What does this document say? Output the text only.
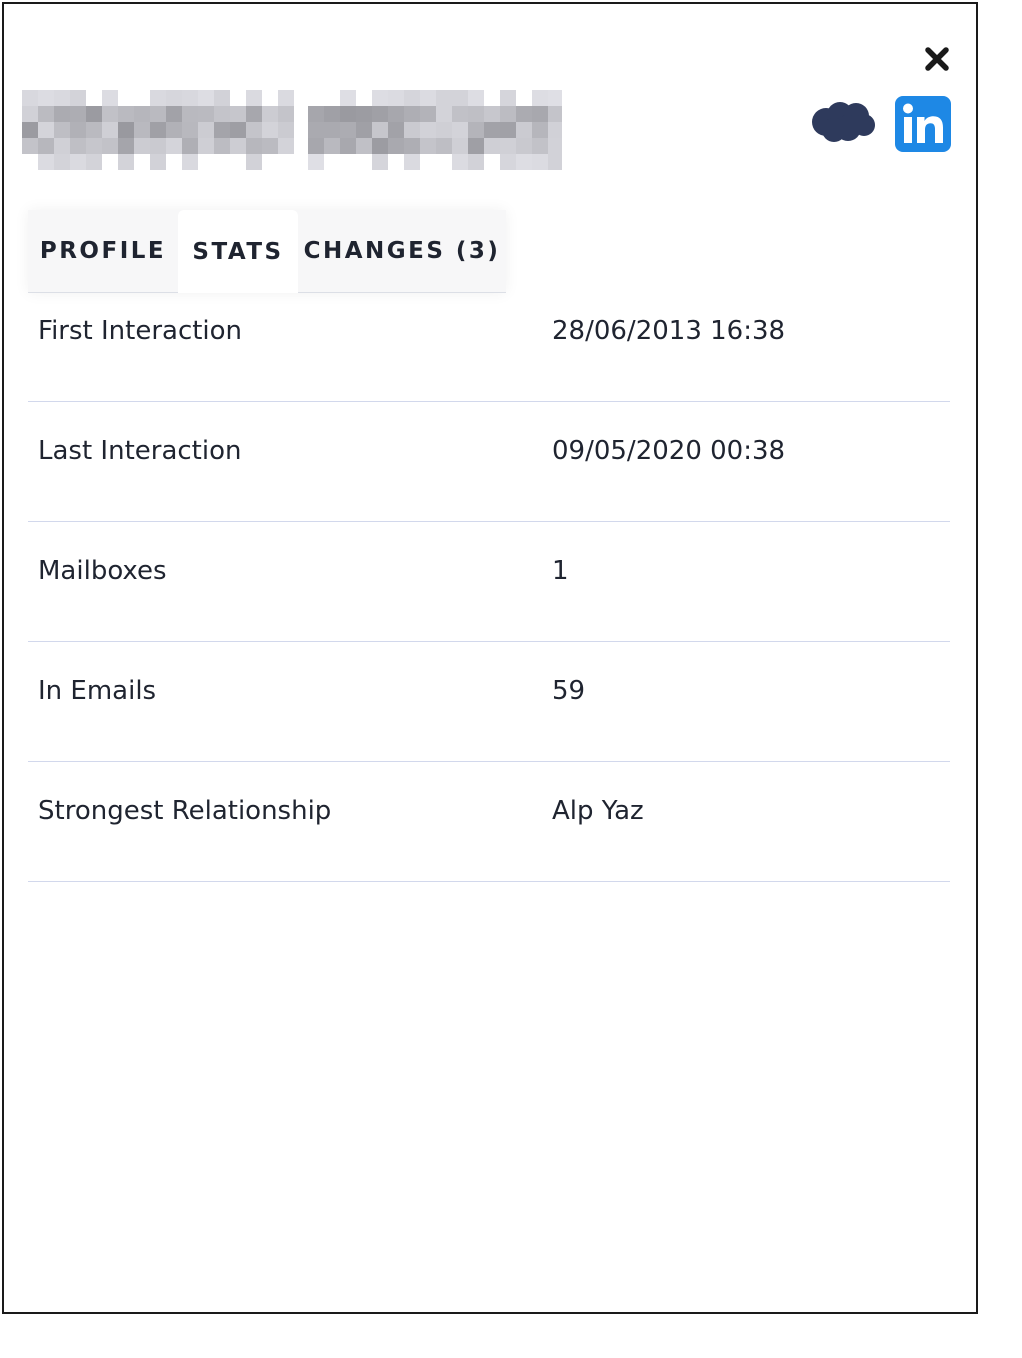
PROFILE	STATS CHANGES (3)
First Interaction	28/06/2013 16:38
Last Interaction	09/05/2020 00:38
Mailboxes	1
In Emails	59
Strongest Relationship	Alp Yaz
